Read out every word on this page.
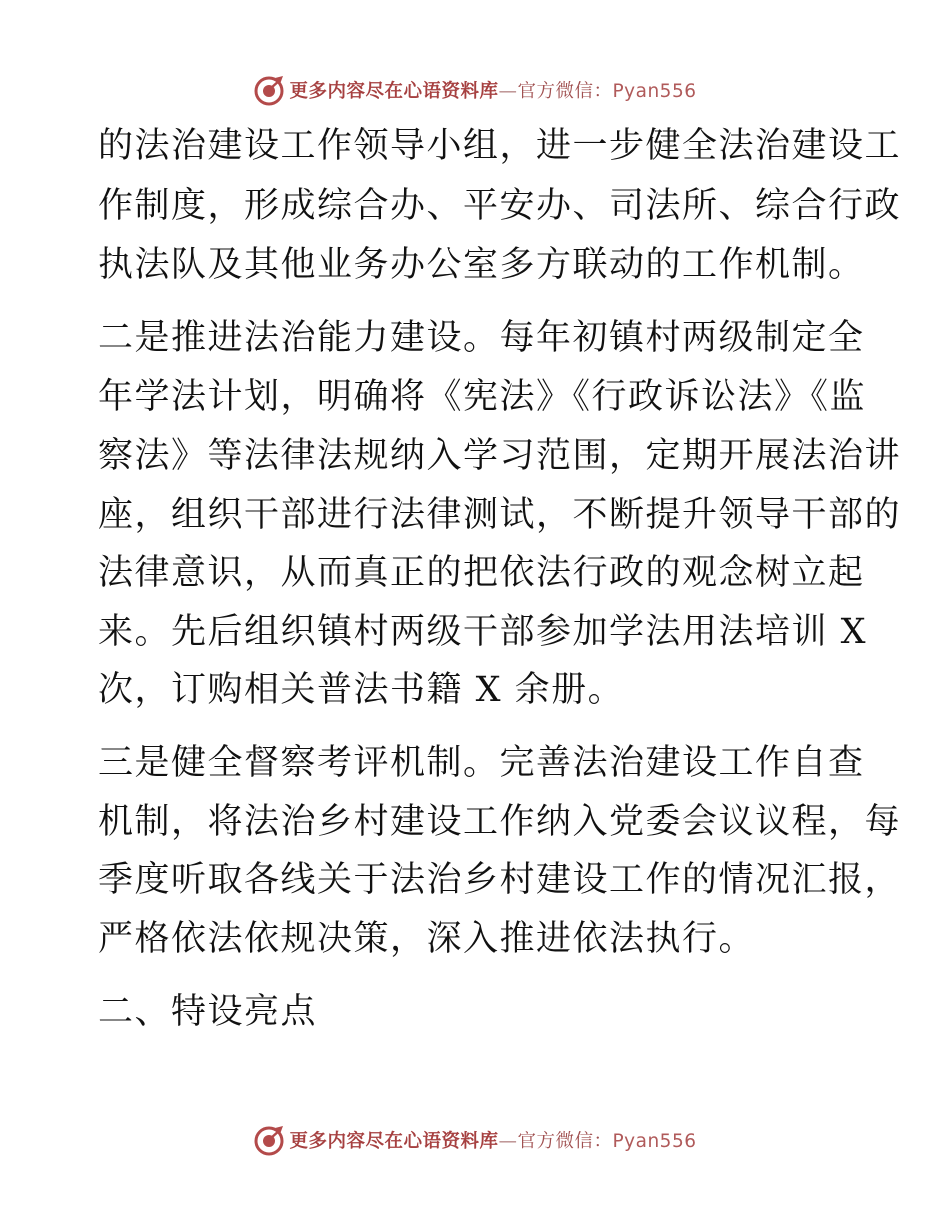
更多内容尽在心语资料库—官方微信：Pyan556
的法治建设工作领导小组，进一步健全法治建设工
作制度，形成综合办、平安办、司法所、综合行政
执法队及其他业务办公室多方联动的工作机制。
二是推进法治能力建设。每年初镇村两级制定全
年学法计划，明确将《宪法》《行政诉讼法》《监
察法》等法律法规纳入学习范围，定期开展法治讲
座，组织干部进行法律测试，不断提升领导干部的
法律意识，从而真正的把依法行政的观念树立起
来。先后组织镇村两级干部参加学法用法培训 X
次，订购相关普法书籍 X 余册。
三是健全督察考评机制。完善法治建设工作自查
机制，将法治乡村建设工作纳入党委会议议程，每
季度听取各线关于法治乡村建设工作的情况汇报，
严格依法依规决策，深入推进依法执行。
二、特设亮点
更多内容尽在心语资料库—官方微信：Pyan556
